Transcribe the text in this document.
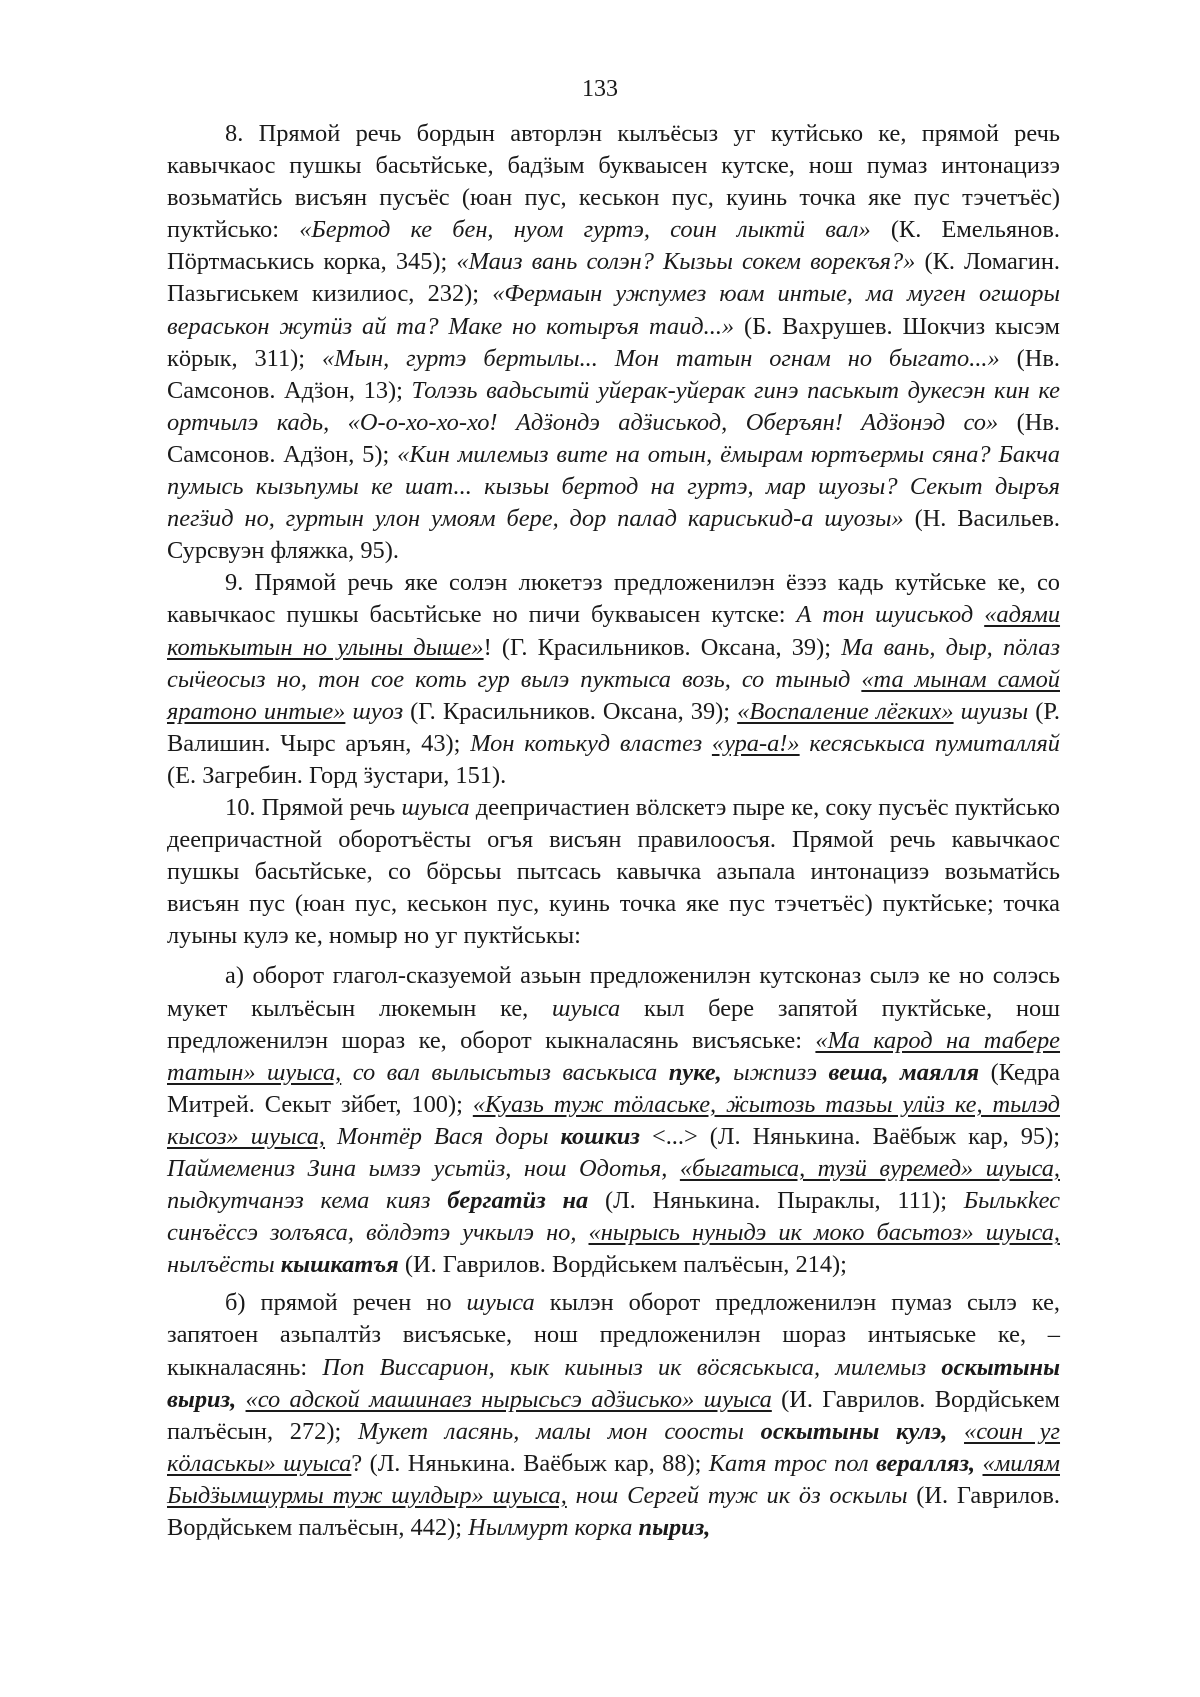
133

8. Прямой речь бордын авторлэн кылъёсыз уг кутйсько ке, прямой речь кавычкаос пушкы басьтйське, бадӟым букваысен кутске, нош пумаз интонацизэ возьматйсь висъян пусъёс (юан пус, кеськон пус, куинь точка яке пус тэчетъёс) пуктйсько: «Бертод ке бен, нуом гуртэ, соин лыктӥ вал» (К. Емельянов. Пӧртмаськись корка, 345); «Маиз вань солэн? Кызьы сокем ворекъя?» (К. Ломагин. Пазьгиськем кизилиос, 232); «Фермаын ужпумез юам интые, ма муген огшоры вераськон жутӥз ай та? Маке но котыръя таид...» (Б. Вахрушев. Шокчиз кысэм кӧрык, 311); «Мын, гуртэ бертылы... Мон татын огнам но быгато...» (Нв. Самсонов. Адӟон, 13); Толэзь вадьсытӥ уйерак-уйерак гинэ паськыт дукесэн кин ке ортчылэ кадь, «О-о-хо-хо-хо! Адӟондэ адӟиськод, Оберъян! Адӟонэд со» (Нв. Самсонов. Адӟон, 5); «Кин милемыз вите на отын, ёмырам юртъермы сяна? Бакча пумысь кызьпумы ке шат... кызьы бертод на гуртэ, мар шуозы? Секыт дыръя пегӟид но, гуртын улон умоям бере, дор палад кариськид-а шуозы» (Н. Васильев. Сурсвуэн фляжка, 95).

9. Прямой речь яке солэн люкетэз предложенилэн ёзэз кадь кутйське ке, со кавычкаос пушкы басьтйське но пичи буквaысен кутске: А тон шуиськод «адями котькытын но улыны дыше»! (Г. Красильников. Оксана, 39); Ма вань, дыр, пӧлаз сыӵеосыз но, тон сое коть гур вылэ пуктыса возь, со тыныд «та мынам самой яратоно интые» шуоз (Г. Красильников. Оксана, 39); «Воспаление лёгких» шуизы (Р. Валишин. Чырс аръян, 43); Мон котькуд властез «ура-а!» кесяськыса пумиталляй (Е. Загребин. Горд ӟустари, 151).

10. Прямой речь шуыса деепричастиен вӧлскетэ пыре ке, соку пусъёс пуктйсько деепричастной оборотъёсты огъя висъян правилоосъя. Прямой речь кавычкаос пушкы басьтйське, со бӧрсьы пытсась кавычка азьпала интонацизэ возьматйсь висъян пус (юан пус, кеськон пус, куинь точка яке пус тэчетъёс) пуктйське; точка луыны кулэ ке, номыр но уг пуктйськы:

а) оборот глагол-сказуемой азьын предложенилэн кутсконаз сылэ ке но солэсь мукет кылъёсын люкемын ке, шуыса кыл бере запятой пуктйське, нош предложенилэн шораз ке, оборот кыкналасянь висъяське: «Ма карод на табере татын» шуыса, со вал вылысьтыз васькыса пуке, ыжпизэ веша, маялля (Кедра Митрей. Секыт зйбет, 100); «Куазь туж тӧлаське, ӝытозь тазьы улӥз ке, тылэд кысоз» шуыса, Монтёр Вася доры кошкиз <...> (Л. Нянькина. Ваёбыж кар, 95); Паймемениз Зина ымзэ усьтӥз, нош Одотья, «быгатыса, тузӥ вуремед» шуыса, пыдкутчанэз кема кияз бергатӥз на (Л. Нянькина. Пыраклы, 111); Былькkес синъёссэ золъяса, вӧлдэтэ учкылэ но, «нырысь нуныдэ ик моко басьтоз» шуыса, нылъёсты кышкатъя (И. Гаврилов. Вордйськем палъёсын, 214);

б) прямой речен но шуыса кылэн оборот предложенилэн пумаз сылэ ке, запятоен азьпалтйз висъяське, нош предложенилэн шораз интыяське ке, – кыкналасянь: Поп Виссарион, кык киыныз ик вӧсяськыса, милемыз оскытыны выриз, «со адской машинаез нырысьсэ адӟисько» шуыса (И. Гаврилов. Вордйськем палъёсын, 272); Мукет ласянь, малы мон сооcты оскытыны кулэ, «соин уг кӧласькы» шуыса? (Л. Нянькина. Ваёбыж кар, 88); Катя трос пол вералляз, «милям Быдӟымшурмы туж шулдыр» шуыса, нош Сергей туж ик ӧз оскылы (И. Гаврилов. Вордйськем палъёсын, 442); Нылмурт корка пыриз,
